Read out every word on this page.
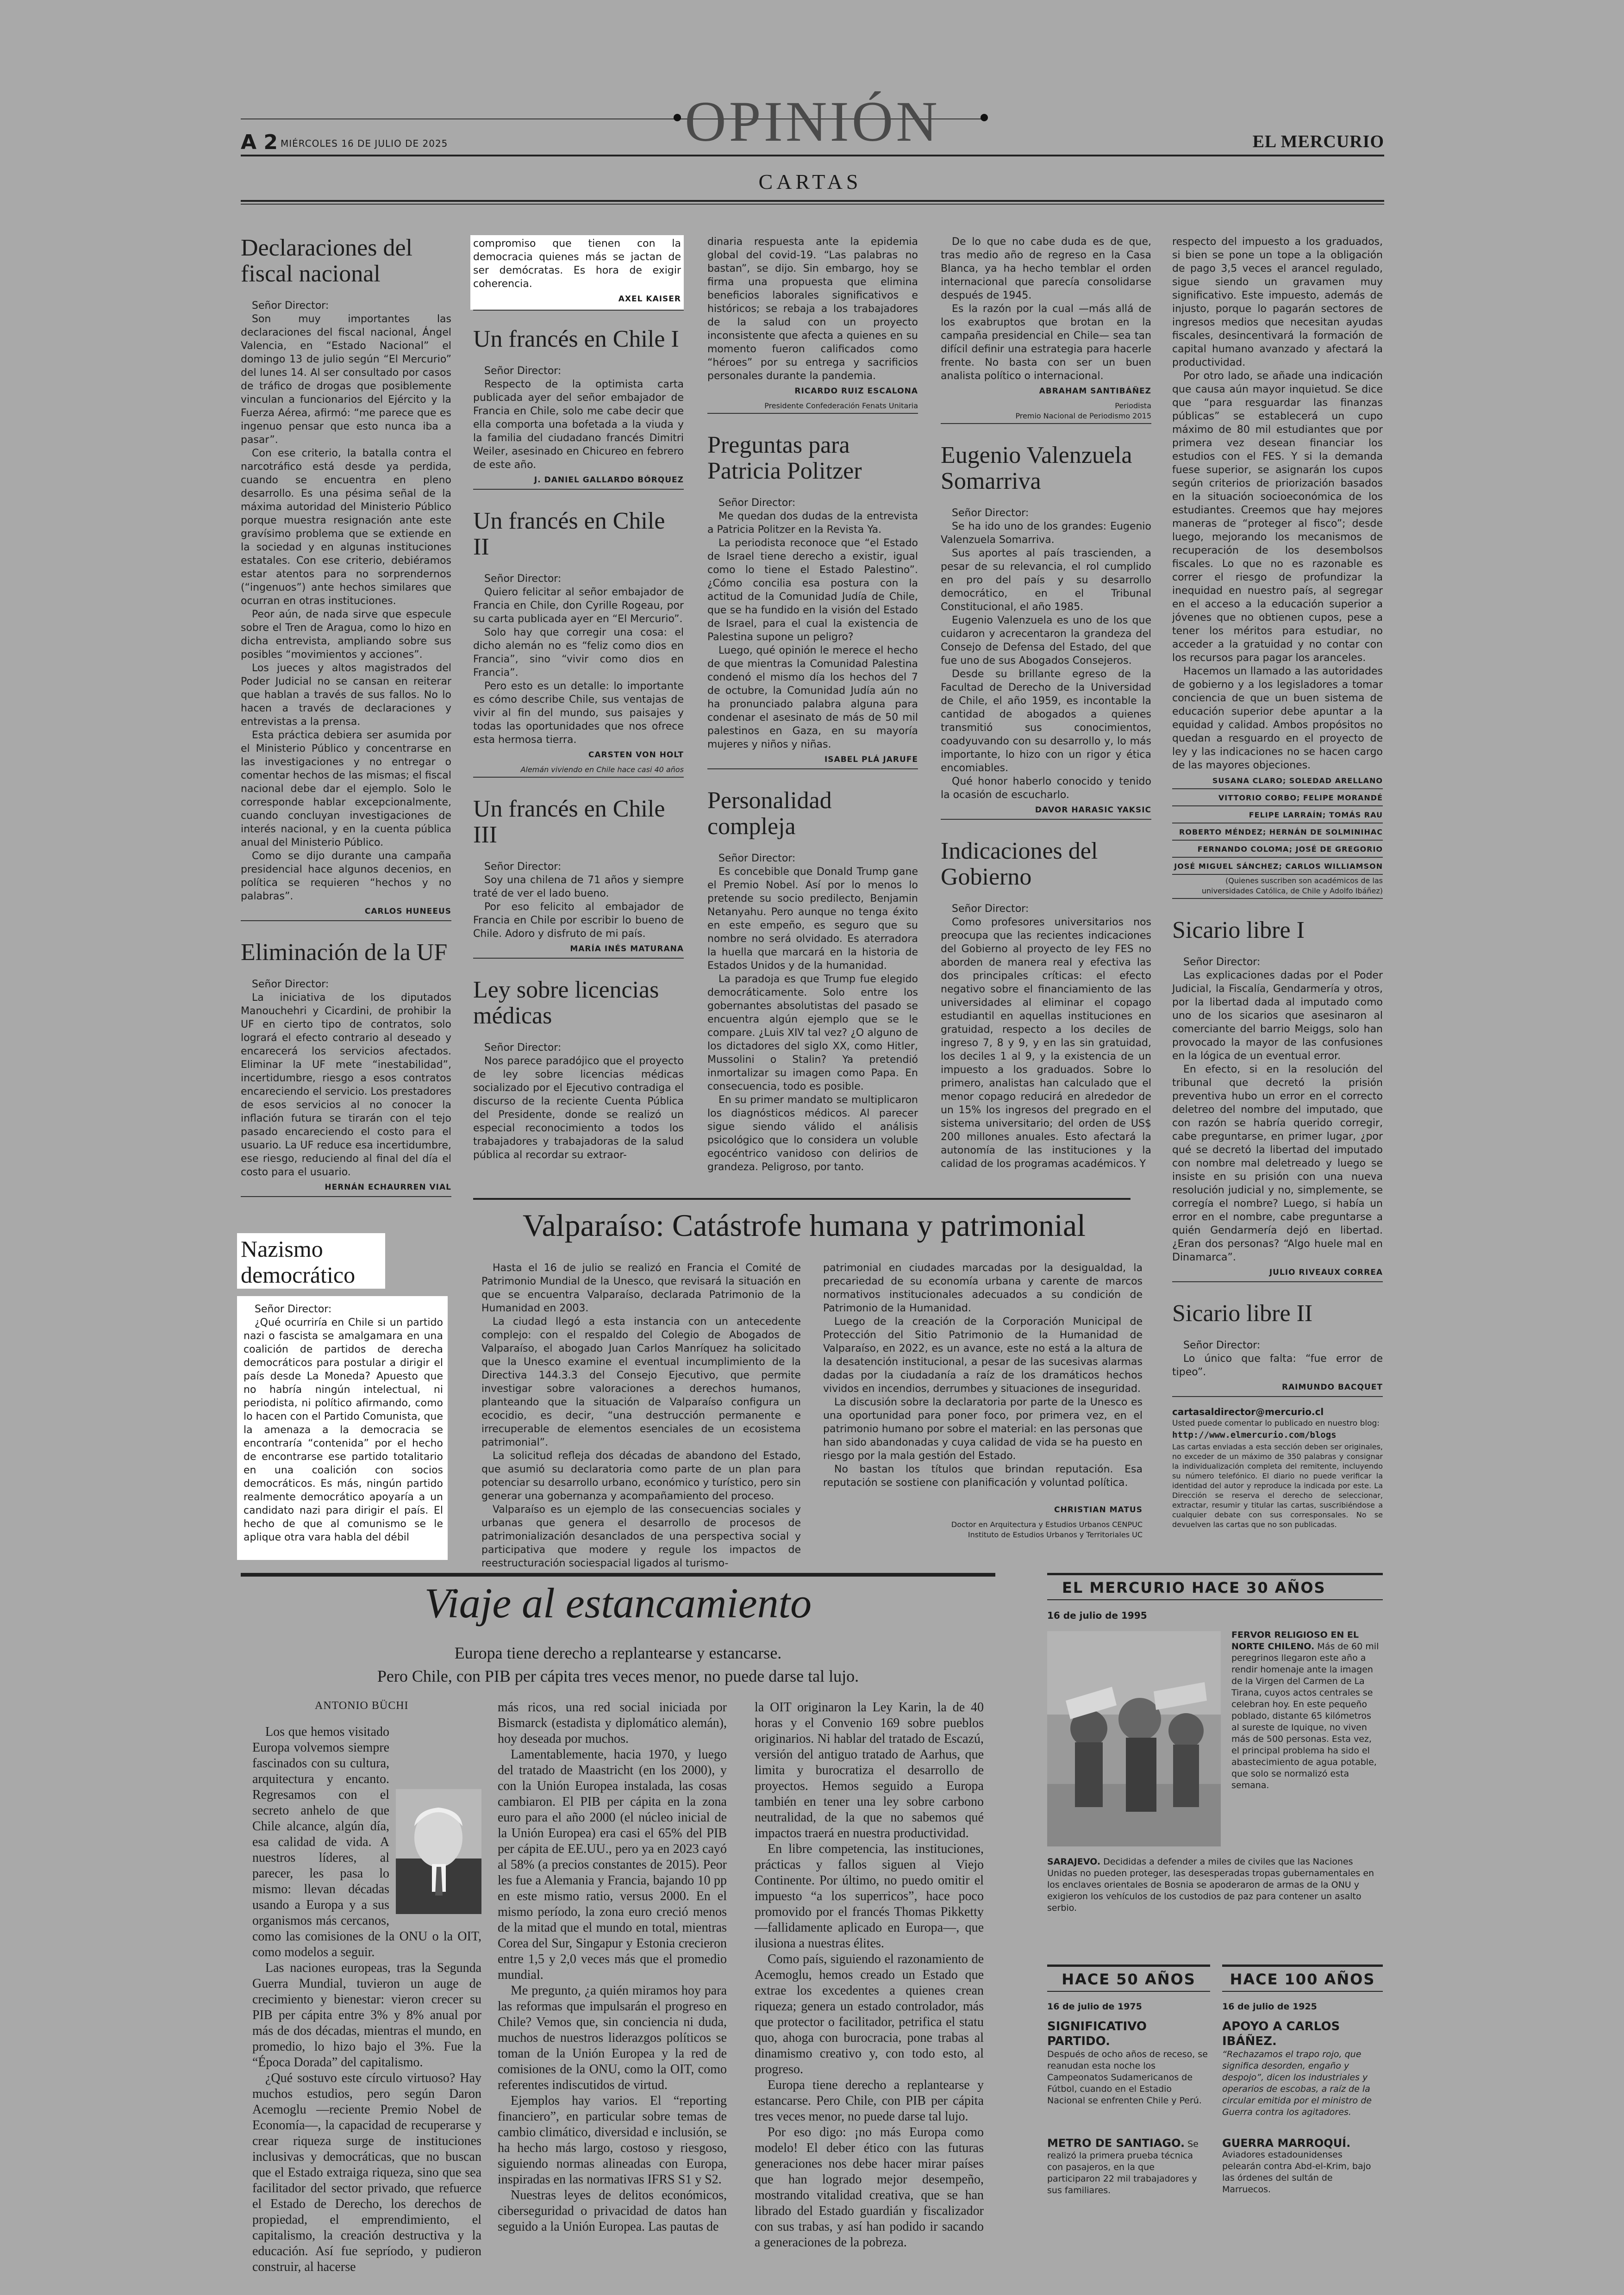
A 2 MIÉRCOLES 16 DE JULIO DE 2025	OPINIÓN	EL MERCURIO
CARTAS
Declaraciones del fiscal nacional

Señor Director:

Son muy importantes las declaraciones del fiscal nacional, Ángel Valencia, en “Estado Nacional” el domingo 13 de julio según “El Mercurio” del lunes 14. Al ser consultado por casos de tráfico de drogas que posiblemente vinculan a funcionarios del Ejército y la Fuerza Aérea, afirmó: “me parece que es ingenuo pensar que esto nunca iba a pasar”.

Con ese criterio, la batalla contra el narcotráfico está desde ya perdida, cuando se encuentra en pleno desarrollo. Es una pésima señal de la máxima autoridad del Ministerio Público porque muestra resignación ante este gravísimo problema que se extiende en la sociedad y en algunas instituciones estatales. Con ese criterio, debiéramos estar atentos para no sorprendernos (“ingenuos”) ante hechos similares que ocurran en otras instituciones.

Peor aún, de nada sirve que especule sobre el Tren de Aragua, como lo hizo en dicha entrevista, ampliando sobre sus posibles “movimientos y acciones”.

Los jueces y altos magistrados del Poder Judicial no se cansan en reiterar que hablan a través de sus fallos. No lo hacen a través de declaraciones y entrevistas a la prensa.

Esta práctica debiera ser asumida por el Ministerio Público y concentrarse en las investigaciones y no entregar o comentar hechos de las mismas; el fiscal nacional debe dar el ejemplo. Solo le corresponde hablar excepcionalmente, cuando concluyan investigaciones de interés nacional, y en la cuenta pública anual del Ministerio Público.

Como se dijo durante una campaña presidencial hace algunos decenios, en política se requieren “hechos y no palabras”.

CARLOS HUNEEUS
Eliminación de la UF

Señor Director:

La iniciativa de los diputados Manouchehri y Cicardini, de prohibir la UF en cierto tipo de contratos, solo logrará el efecto contrario al deseado y encarecerá los servicios afectados. Eliminar la UF mete “inestabilidad”, incertidumbre, riesgo a esos contratos encareciendo el servicio. Los prestadores de esos servicios al no conocer la inflación futura se tirarán con el tejo pasado encareciendo el costo para el usuario. La UF reduce esa incertidumbre, ese riesgo, reduciendo al final del día el costo para el usuario.

HERNÁN ECHAURREN VIAL
Nazismo democrático

Señor Director:

¿Qué ocurriría en Chile si un partido nazi o fascista se amalgamara en una coalición de partidos de derecha democráticos para postular a dirigir el país desde La Moneda? Apuesto que no habría ningún intelectual, ni periodista, ni político afirmando, como lo hacen con el Partido Comunista, que la amenaza a la democracia se encontraría “contenida” por el hecho de encontrarse ese partido totalitario en una coalición con socios democráticos. Es más, ningún partido realmente democrático apoyaría a un candidato nazi para dirigir el país. El hecho de que al comunismo se le aplique otra vara habla del débil

compromiso que tienen con la democracia quienes más se jactan de ser demócratas. Es hora de exigir coherencia.

AXEL KAISER
Un francés en Chile I

Señor Director:

Respecto de la optimista carta publicada ayer del señor embajador de Francia en Chile, solo me cabe decir que ella comporta una bofetada a la viuda y la familia del ciudadano francés Dimitri Weiler, asesinado en Chicureo en febrero de este año.

J. DANIEL GALLARDO BÓRQUEZ
Un francés en Chile II

Señor Director:

Quiero felicitar al señor embajador de Francia en Chile, don Cyrille Rogeau, por su carta publicada ayer en “El Mercurio”.

Solo hay que corregir una cosa: el dicho alemán no es “feliz como dios en Francia”, sino “vivir como dios en Francia”.

Pero esto es un detalle: lo importante es cómo describe Chile, sus ventajas de vivir al fin del mundo, sus paisajes y todas las oportunidades que nos ofrece esta hermosa tierra.

CARSTEN VON HOLT
Alemán viviendo en Chile hace casi 40 años
Un francés en Chile III

Señor Director:

Soy una chilena de 71 años y siempre traté de ver el lado bueno.

Por eso felicito al embajador de Francia en Chile por escribir lo bueno de Chile. Adoro y disfruto de mi país.

MARÍA INÉS MATURANA
Ley sobre licencias médicas

Señor Director:

Nos parece paradójico que el proyecto de ley sobre licencias médicas socializado por el Ejecutivo contradiga el discurso de la reciente Cuenta Pública del Presidente, donde se realizó un especial reconocimiento a todos los trabajadores y trabajadoras de la salud pública al recordar su extraor-

dinaria respuesta ante la epidemia global del covid-19. “Las palabras no bastan”, se dijo. Sin embargo, hoy se firma una propuesta que elimina beneficios laborales significativos e históricos; se rebaja a los trabajadores de la salud con un proyecto inconsistente que afecta a quienes en su momento fueron calificados como “héroes” por su entrega y sacrificios personales durante la pandemia.

RICARDO RUIZ ESCALONA
Presidente Confederación Fenats Unitaria
Preguntas para Patricia Politzer

Señor Director:

Me quedan dos dudas de la entrevista a Patricia Politzer en la Revista Ya.

La periodista reconoce que “el Estado de Israel tiene derecho a existir, igual como lo tiene el Estado Palestino”. ¿Cómo concilia esa postura con la actitud de la Comunidad Judía de Chile, que se ha fundido en la visión del Estado de Israel, para el cual la existencia de Palestina supone un peligro?

Luego, qué opinión le merece el hecho de que mientras la Comunidad Palestina condenó el mismo día los hechos del 7 de octubre, la Comunidad Judía aún no ha pronunciado palabra alguna para condenar el asesinato de más de 50 mil palestinos en Gaza, en su mayoría mujeres y niños y niñas.

ISABEL PLÁ JARUFE
Personalidad compleja

Señor Director:

Es concebible que Donald Trump gane el Premio Nobel. Así por lo menos lo pretende su socio predilecto, Benjamin Netanyahu. Pero aunque no tenga éxito en este empeño, es seguro que su nombre no será olvidado. Es aterradora la huella que marcará en la historia de Estados Unidos y de la humanidad.

La paradoja es que Trump fue elegido democráticamente. Solo entre los gobernantes absolutistas del pasado se encuentra algún ejemplo que se le compare. ¿Luis XIV tal vez? ¿O alguno de los dictadores del siglo XX, como Hitler, Mussolini o Stalin? Ya pretendió inmortalizar su imagen como Papa. En consecuencia, todo es posible.

En su primer mandato se multiplicaron los diagnósticos médicos. Al parecer sigue siendo válido el análisis psicológico que lo considera un voluble egocéntrico vanidoso con delirios de grandeza. Peligroso, por tanto.

De lo que no cabe duda es de que, tras medio año de regreso en la Casa Blanca, ya ha hecho temblar el orden internacional que parecía consolidarse después de 1945.

Es la razón por la cual —más allá de los exabruptos que brotan en la campaña presidencial en Chile— sea tan difícil definir una estrategia para hacerle frente. No basta con ser un buen analista político o internacional.

ABRAHAM SANTIBÁÑEZ
Periodista
Premio Nacional de Periodismo 2015
Eugenio Valenzuela Somarriva

Señor Director:

Se ha ido uno de los grandes: Eugenio Valenzuela Somarriva.

Sus aportes al país trascienden, a pesar de su relevancia, el rol cumplido en pro del país y su desarrollo democrático, en el Tribunal Constitucional, el año 1985.

Eugenio Valenzuela es uno de los que cuidaron y acrecentaron la grandeza del Consejo de Defensa del Estado, del que fue uno de sus Abogados Consejeros.

Desde su brillante egreso de la Facultad de Derecho de la Universidad de Chile, el año 1959, es incontable la cantidad de abogados a quienes transmitió sus conocimientos, coadyuvando con su desarrollo y, lo más importante, lo hizo con un rigor y ética encomiables.

Qué honor haberlo conocido y tenido la ocasión de escucharlo.

DAVOR HARASIC YAKSIC
Indicaciones del Gobierno

Señor Director:

Como profesores universitarios nos preocupa que las recientes indicaciones del Gobierno al proyecto de ley FES no aborden de manera real y efectiva las dos principales críticas: el efecto negativo sobre el financiamiento de las universidades al eliminar el copago estudiantil en aquellas instituciones en gratuidad, respecto a los deciles de ingreso 7, 8 y 9, y en las sin gratuidad, los deciles 1 al 9, y la existencia de un impuesto a los graduados. Sobre lo primero, analistas han calculado que el menor copago reducirá en alrededor de un 15% los ingresos del pregrado en el sistema universitario; del orden de US$ 200 millones anuales. Esto afectará la autonomía de las instituciones y la calidad de los programas académicos. Y

respecto del impuesto a los graduados, si bien se pone un tope a la obligación de pago 3,5 veces el arancel regulado, sigue siendo un gravamen muy significativo. Este impuesto, además de injusto, porque lo pagarán sectores de ingresos medios que necesitan ayudas fiscales, desincentivará la formación de capital humano avanzado y afectará la productividad.

Por otro lado, se añade una indicación que causa aún mayor inquietud. Se dice que “para resguardar las finanzas públicas” se establecerá un cupo máximo de 80 mil estudiantes que por primera vez desean financiar los estudios con el FES. Y si la demanda fuese superior, se asignarán los cupos según criterios de priorización basados en la situación socioeconómica de los estudiantes. Creemos que hay mejores maneras de “proteger al fisco”; desde luego, mejorando los mecanismos de recuperación de los desembolsos fiscales. Lo que no es razonable es correr el riesgo de profundizar la inequidad en nuestro país, al segregar en el acceso a la educación superior a jóvenes que no obtienen cupos, pese a tener los méritos para estudiar, no acceder a la gratuidad y no contar con los recursos para pagar los aranceles.

Hacemos un llamado a las autoridades de gobierno y a los legisladores a tomar conciencia de que un buen sistema de educación superior debe apuntar a la equidad y calidad. Ambos propósitos no quedan a resguardo en el proyecto de ley y las indicaciones no se hacen cargo de las mayores objeciones.

SUSANA CLARO; SOLEDAD ARELLANO
VITTORIO CORBO; FELIPE MORANDÉ
FELIPE LARRAÍN; TOMÁS RAU
ROBERTO MÉNDEZ; HERNÁN DE SOLMINIHAC
FERNANDO COLOMA; JOSÉ DE GREGORIO
JOSÉ MIGUEL SÁNCHEZ; CARLOS WILLIAMSON
(Quienes suscriben son académicos de las universidades Católica, de Chile y Adolfo Ibáñez)
Sicario libre I

Señor Director:

Las explicaciones dadas por el Poder Judicial, la Fiscalía, Gendarmería y otros, por la libertad dada al imputado como uno de los sicarios que asesinaron al comerciante del barrio Meiggs, solo han provocado la mayor de las confusiones en la lógica de un eventual error.

En efecto, si en la resolución del tribunal que decretó la prisión preventiva hubo un error en el correcto deletreo del nombre del imputado, que con razón se habría querido corregir, cabe preguntarse, en primer lugar, ¿por qué se decretó la libertad del imputado con nombre mal deletreado y luego se insiste en su prisión con una nueva resolución judicial y no, simplemente, se corregía el nombre? Luego, si había un error en el nombre, cabe preguntarse a quién Gendarmería dejó en libertad. ¿Eran dos personas? “Algo huele mal en Dinamarca”.

JULIO RIVEAUX CORREA
Sicario libre II

Señor Director:

Lo único que falta: “fue error de tipeo”.

RAIMUNDO BACQUET
cartasaldirector@mercurio.cl
Usted puede comentar lo publicado en nuestro blog:
http://www.elmercurio.com/blogs
Las cartas enviadas a esta sección deben ser originales, no exceder de un máximo de 350 palabras y consignar la individualización completa del remitente, incluyendo su número telefónico. El diario no puede verificar la identidad del autor y reproduce la indicada por este. La Dirección se reserva el derecho de seleccionar, extractar, resumir y titular las cartas, suscribiéndose a cualquier debate con sus corresponsales. No se devuelven las cartas que no son publicadas.
Valparaíso: Catástrofe humana y patrimonial

Hasta el 16 de julio se realizó en Francia el Comité de Patrimonio Mundial de la Unesco, que revisará la situación en que se encuentra Valparaíso, declarada Patrimonio de la Humanidad en 2003.

La ciudad llegó a esta instancia con un antecedente complejo: con el respaldo del Colegio de Abogados de Valparaíso, el abogado Juan Carlos Manríquez ha solicitado que la Unesco examine el eventual incumplimiento de la Directiva 144.3.3 del Consejo Ejecutivo, que permite investigar sobre valoraciones a derechos humanos, planteando que la situación de Valparaíso configura un ecocidio, es decir, “una destrucción permanente e irrecuperable de elementos esenciales de un ecosistema patrimonial”.

La solicitud refleja dos décadas de abandono del Estado, que asumió su declaratoria como parte de un plan para potenciar su desarrollo urbano, económico y turístico, pero sin generar una gobernanza y acompañamiento del proceso.

Valparaíso es un ejemplo de las consecuencias sociales y urbanas que genera el desarrollo de procesos de patrimonialización desanclados de una perspectiva social y participativa que modere y regule los impactos de reestructuración sociespacial ligados al turismo-

patrimonial en ciudades marcadas por la desigualdad, la precariedad de su economía urbana y carente de marcos normativos institucionales adecuados a su condición de Patrimonio de la Humanidad.

Luego de la creación de la Corporación Municipal de Protección del Sitio Patrimonio de la Humanidad de Valparaíso, en 2022, es un avance, este no está a la altura de la desatención institucional, a pesar de las sucesivas alarmas dadas por la ciudadanía a raíz de los dramáticos hechos vividos en incendios, derrumbes y situaciones de inseguridad.

La discusión sobre la declaratoria por parte de la Unesco es una oportunidad para poner foco, por primera vez, en el patrimonio humano por sobre el material: en las personas que han sido abandonadas y cuya calidad de vida se ha puesto en riesgo por la mala gestión del Estado.

No bastan los títulos que brindan reputación. Esa reputación se sostiene con planificación y voluntad política.

CHRISTIAN MATUS
Doctor en Arquitectura y Estudios Urbanos CENPUC
Instituto de Estudios Urbanos y Territoriales UC
Viaje al estancamiento
Europa tiene derecho a replantearse y estancarse.
Pero Chile, con PIB per cápita tres veces menor, no puede darse tal lujo.
ANTONIO BÜCHI

Los que hemos visitado Europa volvemos siempre fascinados con su cultura, arquitectura y encanto. Regresamos con el secreto anhelo de que Chile alcance, algún día, esa calidad de vida. A nuestros líderes, al parecer, les pasa lo mismo: llevan décadas usando a Europa y a sus organismos más cercanos, como las comisiones de la ONU o la OIT, como modelos a seguir.

Las naciones europeas, tras la Segunda Guerra Mundial, tuvieron un auge de crecimiento y bienestar: vieron crecer su PIB per cápita entre 3% y 8% anual por más de dos décadas, mientras el mundo, en promedio, lo hizo bajo el 3%. Fue la “Época Dorada” del capitalismo.

¿Qué sostuvo este círculo virtuoso? Hay muchos estudios, pero según Daron Acemoglu —reciente Premio Nobel de Economía—, la capacidad de recuperarse y crear riqueza surge de instituciones inclusivas y democráticas, que no buscan que el Estado extraiga riqueza, sino que sea facilitador del sector privado, que refuerce el Estado de Derecho, los derechos de propiedad, el emprendimiento, el capitalismo, la creación destructiva y la educación. Así fue sepríodo, y pudieron construir, al hacerse

más ricos, una red social iniciada por Bismarck (estadista y diplomático alemán), hoy deseada por muchos.

Lamentablemente, hacia 1970, y luego del tratado de Maastricht (en los 2000), y con la Unión Europea instalada, las cosas cambiaron. El PIB per cápita en la zona euro para el año 2000 (el núcleo inicial de la Unión Europea) era casi el 65% del PIB per cápita de EE.UU., pero ya en 2023 cayó al 58% (a precios constantes de 2015). Peor les fue a Alemania y Francia, bajando 10 pp en este mismo ratio, versus 2000. En el mismo período, la zona euro creció menos de la mitad que el mundo en total, mientras Corea del Sur, Singapur y Estonia crecieron entre 1,5 y 2,0 veces más que el promedio mundial.

Me pregunto, ¿a quién miramos hoy para las reformas que impulsarán el progreso en Chile? Vemos que, sin conciencia ni duda, muchos de nuestros liderazgos políticos se toman de la Unión Europea y la red de comisiones de la ONU, como la OIT, como referentes indiscutidos de virtud.

Ejemplos hay varios. El “reporting financiero”, en particular sobre temas de cambio climático, diversidad e inclusión, se ha hecho más largo, costoso y riesgoso, siguiendo normas alineadas con Europa, inspiradas en las normativas IFRS S1 y S2.

Nuestras leyes de delitos económicos, ciberseguridad o privacidad de datos han seguido a la Unión Europea. Las pautas de

la OIT originaron la Ley Karin, la de 40 horas y el Convenio 169 sobre pueblos originarios. Ni hablar del tratado de Escazú, versión del antiguo tratado de Aarhus, que limita y burocratiza el desarrollo de proyectos. Hemos seguido a Europa también en tener una ley sobre carbono neutralidad, de la que no sabemos qué impactos traerá en nuestra productividad.

En libre competencia, las instituciones, prácticas y fallos siguen al Viejo Continente. Por último, no puedo omitir el impuesto “a los superricos”, hace poco promovido por el francés Thomas Pikketty —fallidamente aplicado en Europa—, que ilusiona a nuestras élites.

Como país, siguiendo el razonamiento de Acemoglu, hemos creado un Estado que extrae los excedentes a quienes crean riqueza; genera un estado controlador, más que protector o facilitador, petrifica el statu quo, ahoga con burocracia, pone trabas al dinamismo creativo y, con todo esto, al progreso.

Europa tiene derecho a replantearse y estancarse. Pero Chile, con PIB per cápita tres veces menor, no puede darse tal lujo.

Por eso digo: ¡no más Europa como modelo! El deber ético con las futuras generaciones nos debe hacer mirar países que han logrado mejor desempeño, mostrando vitalidad creativa, que se han librado del Estado guardián y fiscalizador con sus trabas, y así han podido ir sacando a generaciones de la pobreza.

EL MERCURIO HACE 30 AÑOS
16 de julio de 1995
FERVOR RELIGIOSO EN EL NORTE CHILENO. Más de 60 mil peregrinos llegaron este año a rendir homenaje ante la imagen de la Virgen del Carmen de La Tirana, cuyos actos centrales se celebran hoy. En este pequeño poblado, distante 65 kilómetros al sureste de Iquique, no viven más de 500 personas. Esta vez, el principal problema ha sido el abastecimiento de agua potable, que solo se normalizó esta semana.
SARAJEVO. Decididas a defender a miles de civiles que las Naciones Unidas no pueden proteger, las desesperadas tropas gubernamentales en los enclaves orientales de Bosnia se apoderaron de armas de la ONU y exigieron los vehículos de los custodios de paz para contener un asalto serbio.
HACE 50 AÑOS
16 de julio de 1975
SIGNIFICATIVO PARTIDO.
Después de ocho años de receso, se reanudan esta noche los Campeonatos Sudamericanos de Fútbol, cuando en el Estadio Nacional se enfrenten Chile y Perú.
METRO DE SANTIAGO. Se realizó la primera prueba técnica con pasajeros, en la que participaron 22 mil trabajadores y sus familiares.
HACE 100 AÑOS
16 de julio de 1925
APOYO A CARLOS IBÁÑEZ.
“Rechazamos el trapo rojo, que significa desorden, engaño y despojo”, dicen los industriales y operarios de escobas, a raíz de la circular emitida por el ministro de Guerra contra los agitadores.
GUERRA MARROQUÍ.
Aviadores estadounidenses pelearán contra Abd-el-Krim, bajo las órdenes del sultán de Marruecos.
